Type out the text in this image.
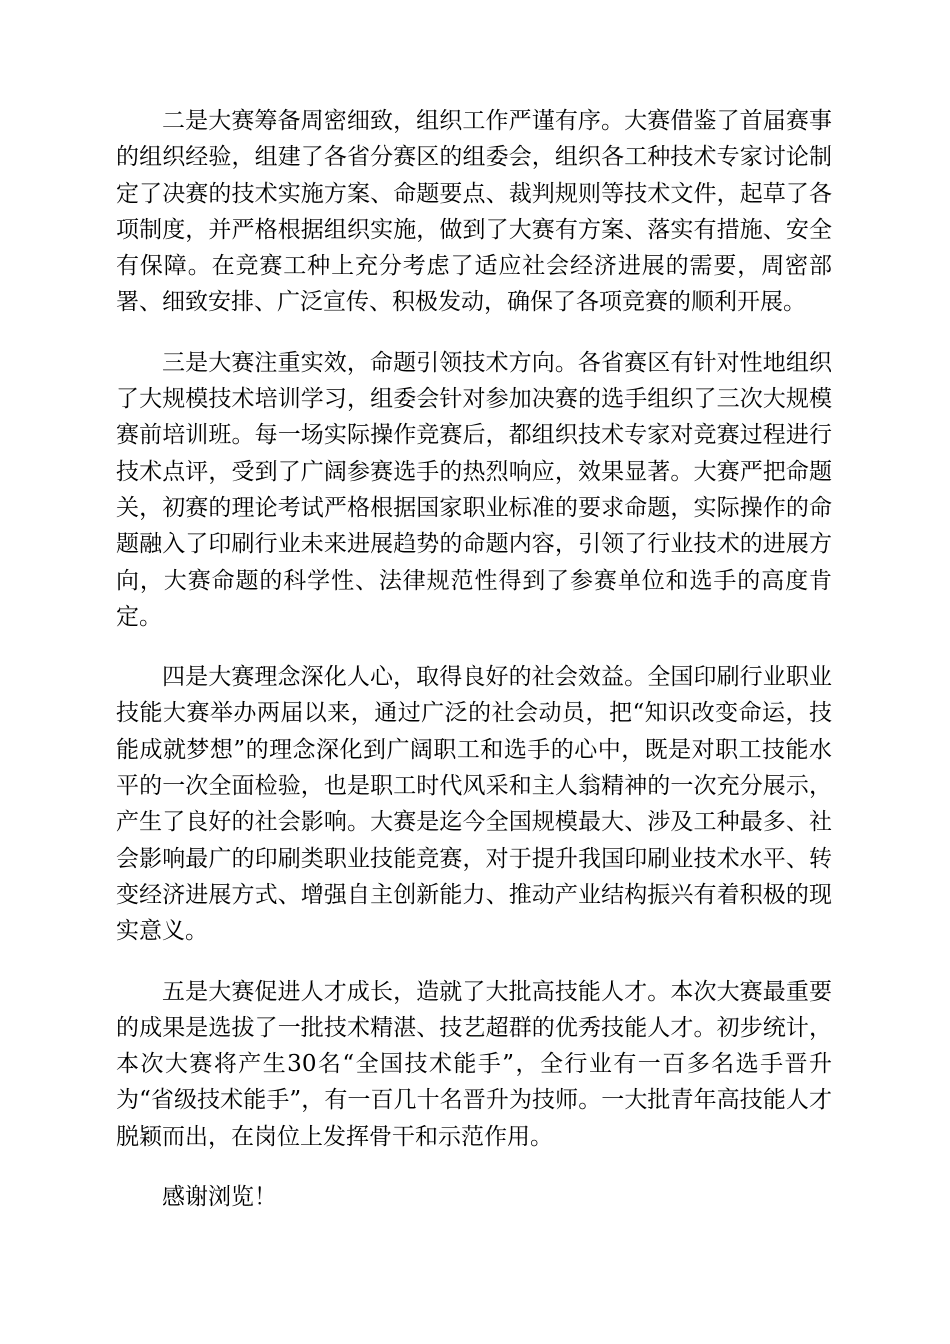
二是大赛筹备周密细致，组织工作严谨有序。大赛借鉴了首届赛事的组织经验，组建了各省分赛区的组委会，组织各工种技术专家讨论制定了决赛的技术实施方案、命题要点、裁判规则等技术文件，起草了各项制度，并严格根据组织实施，做到了大赛有方案、落实有措施、安全有保障。在竞赛工种上充分考虑了适应社会经济进展的需要，周密部署、细致安排、广泛宣传、积极发动，确保了各项竞赛的顺利开展。

三是大赛注重实效，命题引领技术方向。各省赛区有针对性地组织了大规模技术培训学习，组委会针对参加决赛的选手组织了三次大规模赛前培训班。每一场实际操作竞赛后，都组织技术专家对竞赛过程进行技术点评，受到了广阔参赛选手的热烈响应，效果显著。大赛严把命题关，初赛的理论考试严格根据国家职业标准的要求命题，实际操作的命题融入了印刷行业未来进展趋势的命题内容，引领了行业技术的进展方向，大赛命题的科学性、法律规范性得到了参赛单位和选手的高度肯定。

四是大赛理念深化人心，取得良好的社会效益。全国印刷行业职业技能大赛举办两届以来，通过广泛的社会动员，把“知识改变命运，技能成就梦想”的理念深化到广阔职工和选手的心中，既是对职工技能水平的一次全面检验，也是职工时代风采和主人翁精神的一次充分展示，产生了良好的社会影响。大赛是迄今全国规模最大、涉及工种最多、社会影响最广的印刷类职业技能竞赛，对于提升我国印刷业技术水平、转变经济进展方式、增强自主创新能力、推动产业结构振兴有着积极的现实意义。

五是大赛促进人才成长，造就了大批高技能人才。本次大赛最重要的成果是选拔了一批技术精湛、技艺超群的优秀技能人才。初步统计，本次大赛将产生30名“全国技术能手”，全行业有一百多名选手晋升为“省级技术能手”，有一百几十名晋升为技师。一大批青年高技能人才脱颖而出，在岗位上发挥骨干和示范作用。

感谢浏览！
